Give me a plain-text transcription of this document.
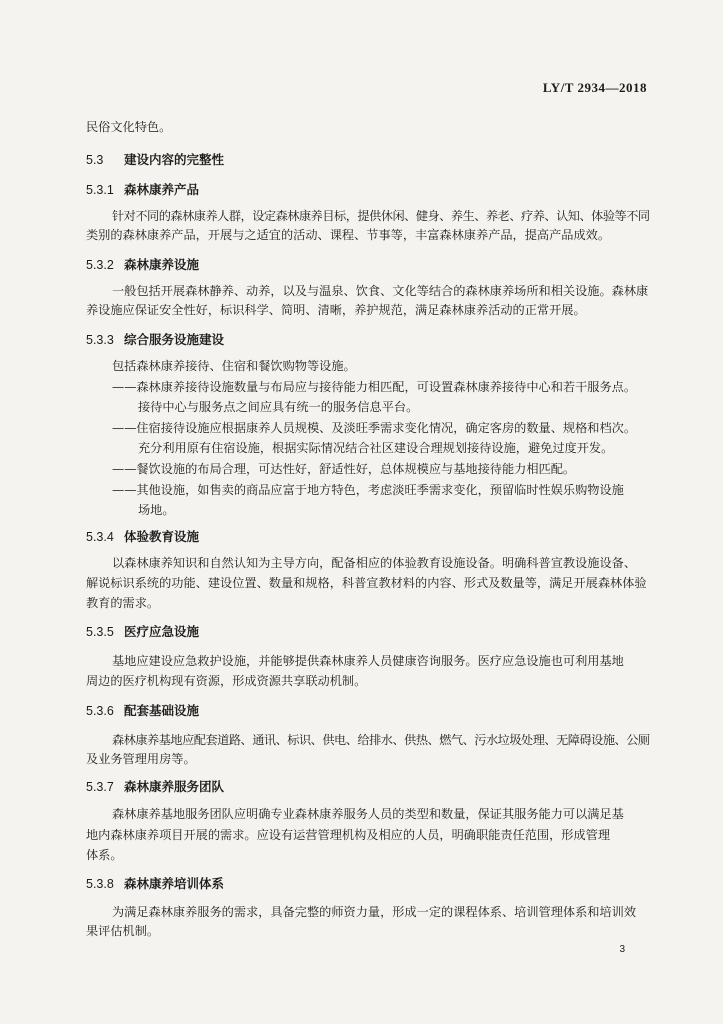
LY/T 2934—2018
民俗文化特色。
5.3 建设内容的完整性
5.3.1 森林康养产品
针对不同的森林康养人群，设定森林康养目标，提供休闲、健身、养生、养老、疗养、认知、体验等不同
类别的森林康养产品，开展与之适宜的活动、课程、节事等，丰富森林康养产品，提高产品成效。
5.3.2 森林康养设施
一般包括开展森林静养、动养，以及与温泉、饮食、文化等结合的森林康养场所和相关设施。森林康
养设施应保证安全性好，标识科学、简明、清晰，养护规范，满足森林康养活动的正常开展。
5.3.3 综合服务设施建设
包括森林康养接待、住宿和餐饮购物等设施。
——森林康养接待设施数量与布局应与接待能力相匹配，可设置森林康养接待中心和若干服务点。
接待中心与服务点之间应具有统一的服务信息平台。
——住宿接待设施应根据康养人员规模、及淡旺季需求变化情况，确定客房的数量、规格和档次。
充分利用原有住宿设施，根据实际情况结合社区建设合理规划接待设施，避免过度开发。
——餐饮设施的布局合理，可达性好，舒适性好，总体规模应与基地接待能力相匹配。
——其他设施，如售卖的商品应富于地方特色，考虑淡旺季需求变化，预留临时性娱乐购物设施
场地。
5.3.4 体验教育设施
以森林康养知识和自然认知为主导方向，配备相应的体验教育设施设备。明确科普宣教设施设备、
解说标识系统的功能、建设位置、数量和规格，科普宣教材料的内容、形式及数量等，满足开展森林体验
教育的需求。
5.3.5 医疗应急设施
基地应建设应急救护设施，并能够提供森林康养人员健康咨询服务。医疗应急设施也可利用基地
周边的医疗机构现有资源，形成资源共享联动机制。
5.3.6 配套基础设施
森林康养基地应配套道路、通讯、标识、供电、给排水、供热、燃气、污水垃圾处理、无障碍设施、公厕
及业务管理用房等。
5.3.7 森林康养服务团队
森林康养基地服务团队应明确专业森林康养服务人员的类型和数量，保证其服务能力可以满足基
地内森林康养项目开展的需求。应设有运营管理机构及相应的人员，明确职能责任范围，形成管理
体系。
5.3.8 森林康养培训体系
为满足森林康养服务的需求，具备完整的师资力量，形成一定的课程体系、培训管理体系和培训效
果评估机制。
3
